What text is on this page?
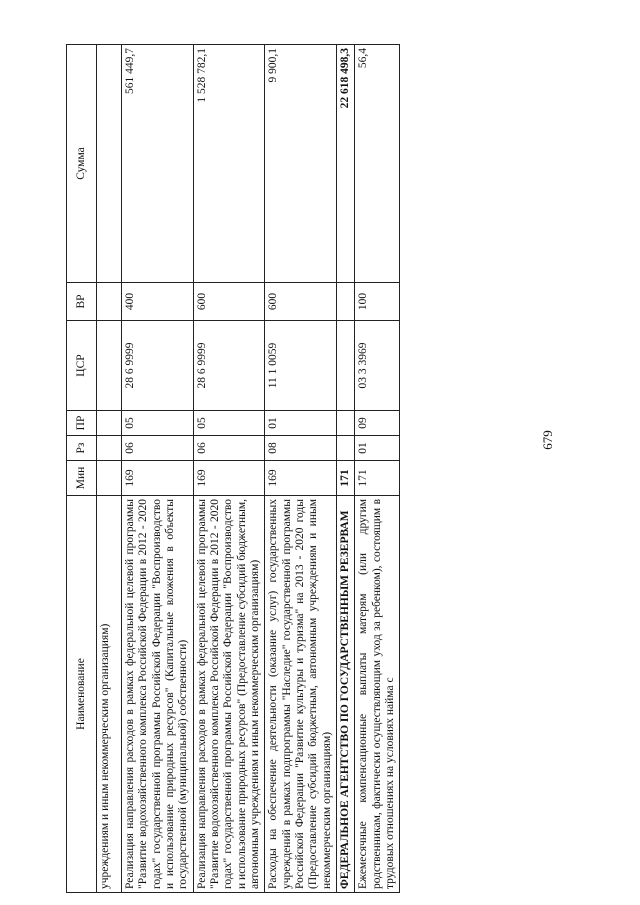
679
Наименование	Мин	Рз	ПР	ЦСР	ВР	Сумма
учреждениям и иным некоммерческим организациям)						
Реализация направления расходов в рамках федеральной целевой программы "Развитие водохозяйственного комплекса Российской Федерации в 2012 - 2020 годах" государственной программы Российской Федерации "Воспроизводство и использование природных ресурсов" (Капитальные вложения в объекты государственной (муниципальной) собственности)	169	06	05	28 6 9999	400	561 449,7
Реализация направления расходов в рамках федеральной целевой программы "Развитие водохозяйственного комплекса Российской Федерации в 2012 - 2020 годах" государственной программы Российской Федерации "Воспроизводство и использование природных ресурсов" (Предоставление субсидий бюджетным, автономным учреждениям и иным некоммерческим организациям)	169	06	05	28 6 9999	600	1 528 782,1
Расходы на обеспечение деятельности (оказание услуг) государственных учреждений в рамках подпрограммы "Наследие" государственной программы Российской Федерации "Развитие культуры и туризма" на 2013 - 2020 годы (Предоставление субсидий бюджетным, автономным учреждениям и иным некоммерческим организациям)	169	08	01	11 1 0059	600	9 900,1
ФЕДЕРАЛЬНОЕ АГЕНТСТВО ПО ГОСУДАРСТВЕННЫМ РЕЗЕРВАМ	171					22 618 498,3
Ежемесячные компенсационные выплаты матерям (или другим родственникам, фактически осуществляющим уход за ребенком), состоящим в трудовых отношениях на условиях найма с	171	01	09	03 3 3969	100	56,4
